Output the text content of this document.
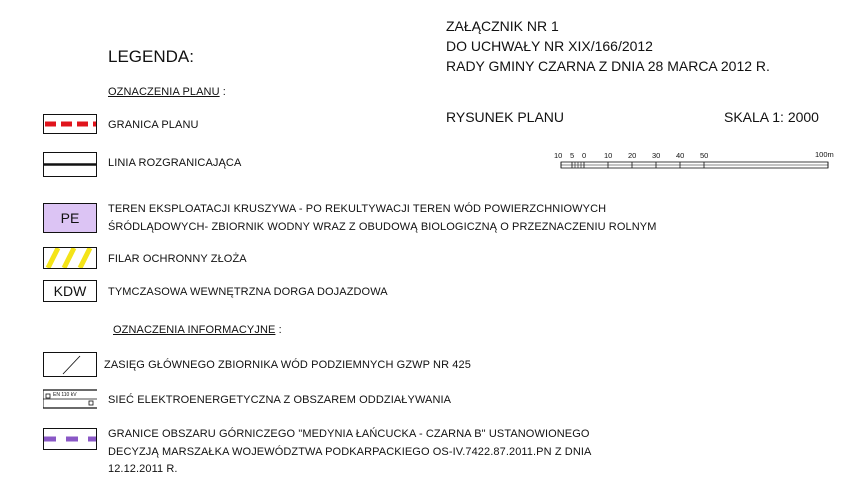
ZAŁĄCZNIK NR 1
DO UCHWAŁY NR XIX/166/2012
RADY GMINY CZARNA Z DNIA 28 MARCA 2012 R.
RYSUNEK PLANU	SKALA 1: 2000
10 5 0 10 20 30 40 50	100m
LEGENDA:
OZNACZENIA PLANU :
GRANICA PLANU
LINIA ROZGRANICAJĄCA
PE
TEREN EKSPLOATACJI KRUSZYWA - PO REKULTYWACJI TEREN WÓD POWIERZCHNIOWYCH
ŚRÓDLĄDOWYCH- ZBIORNIK WODNY WRAZ Z OBUDOWĄ BIOLOGICZNĄ O PRZEZNACZENIU ROLNYM
FILAR OCHRONNY ZŁOŻA
KDW TYMCZASOWA WEWNĘTRZNA DORGA DOJAZDOWA
OZNACZENIA INFORMACYJNE :
ZASIĘG GŁÓWNEGO ZBIORNIKA WÓD PODZIEMNYCH GZWP NR 425
EN 110 kV	SIEĆ ELEKTROENERGETYCZNA Z OBSZAREM ODDZIAŁYWANIA
GRANICE OBSZARU GÓRNICZEGO "MEDYNIA ŁAŃCUCKA - CZARNA B" USTANOWIONEGO
DECYZJĄ MARSZAŁKA WOJEWÓDZTWA PODKARPACKIEGO OS-IV.7422.87.2011.PN Z DNIA
12.12.2011 R.
